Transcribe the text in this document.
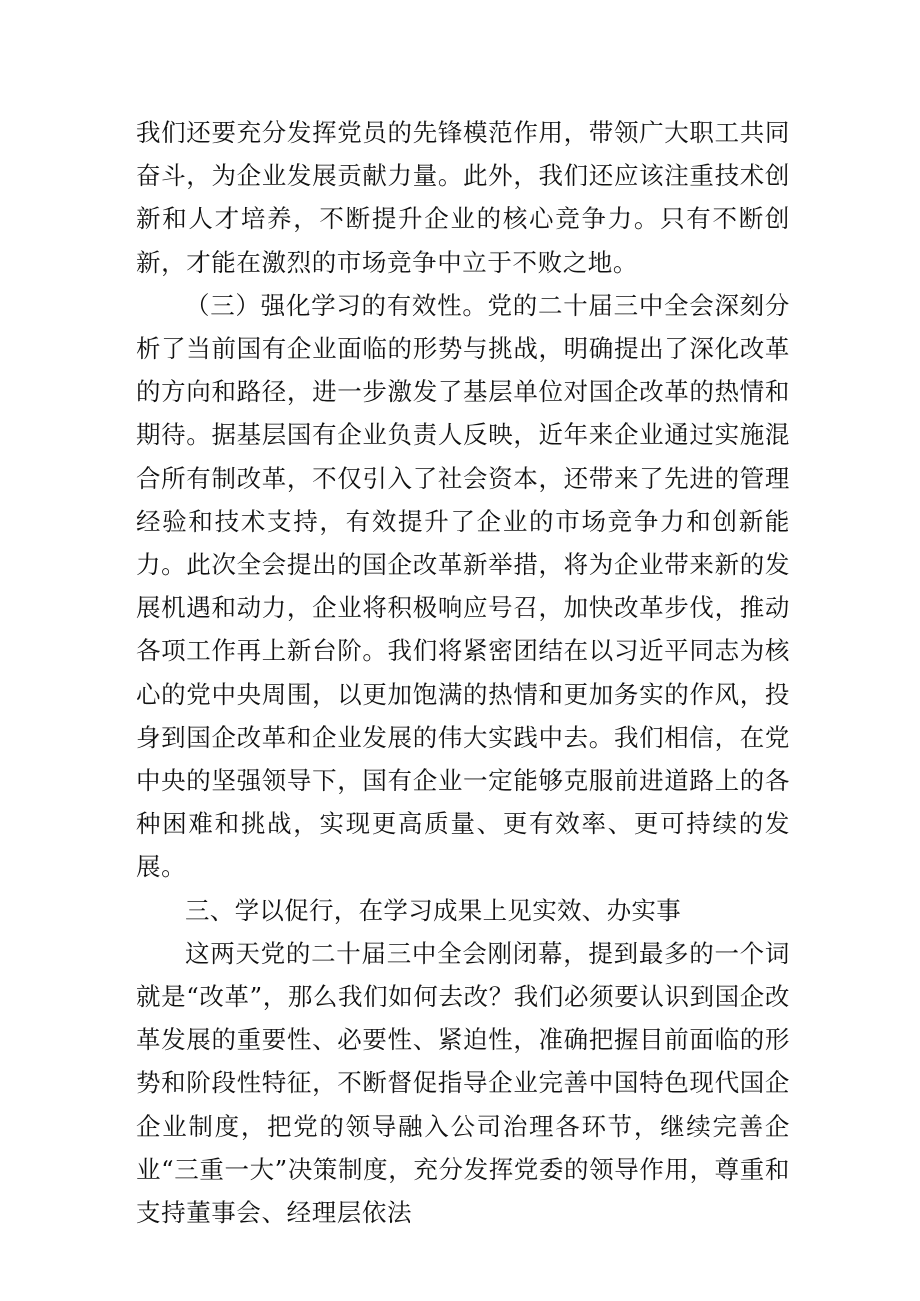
我们还要充分发挥党员的先锋模范作用，带领广大职工共同奋斗，为企业发展贡献力量。此外，我们还应该注重技术创新和人才培养，不断提升企业的核心竞争力。只有不断创新，才能在激烈的市场竞争中立于不败之地。

（三）强化学习的有效性。党的二十届三中全会深刻分析了当前国有企业面临的形势与挑战，明确提出了深化改革的方向和路径，进一步激发了基层单位对国企改革的热情和期待。据基层国有企业负责人反映，近年来企业通过实施混合所有制改革，不仅引入了社会资本，还带来了先进的管理经验和技术支持，有效提升了企业的市场竞争力和创新能力。此次全会提出的国企改革新举措，将为企业带来新的发展机遇和动力，企业将积极响应号召，加快改革步伐，推动各项工作再上新台阶。我们将紧密团结在以习近平同志为核心的党中央周围，以更加饱满的热情和更加务实的作风，投身到国企改革和企业发展的伟大实践中去。我们相信，在党中央的坚强领导下，国有企业一定能够克服前进道路上的各种困难和挑战，实现更高质量、更有效率、更可持续的发展。

三、学以促行，在学习成果上见实效、办实事

这两天党的二十届三中全会刚闭幕，提到最多的一个词就是“改革”，那么我们如何去改？我们必须要认识到国企改革发展的重要性、必要性、紧迫性，准确把握目前面临的形势和阶段性特征，不断督促指导企业完善中国特色现代国企企业制度，把党的领导融入公司治理各环节，继续完善企业“三重一大”决策制度，充分发挥党委的领导作用，尊重和支持董事会、经理层依法
